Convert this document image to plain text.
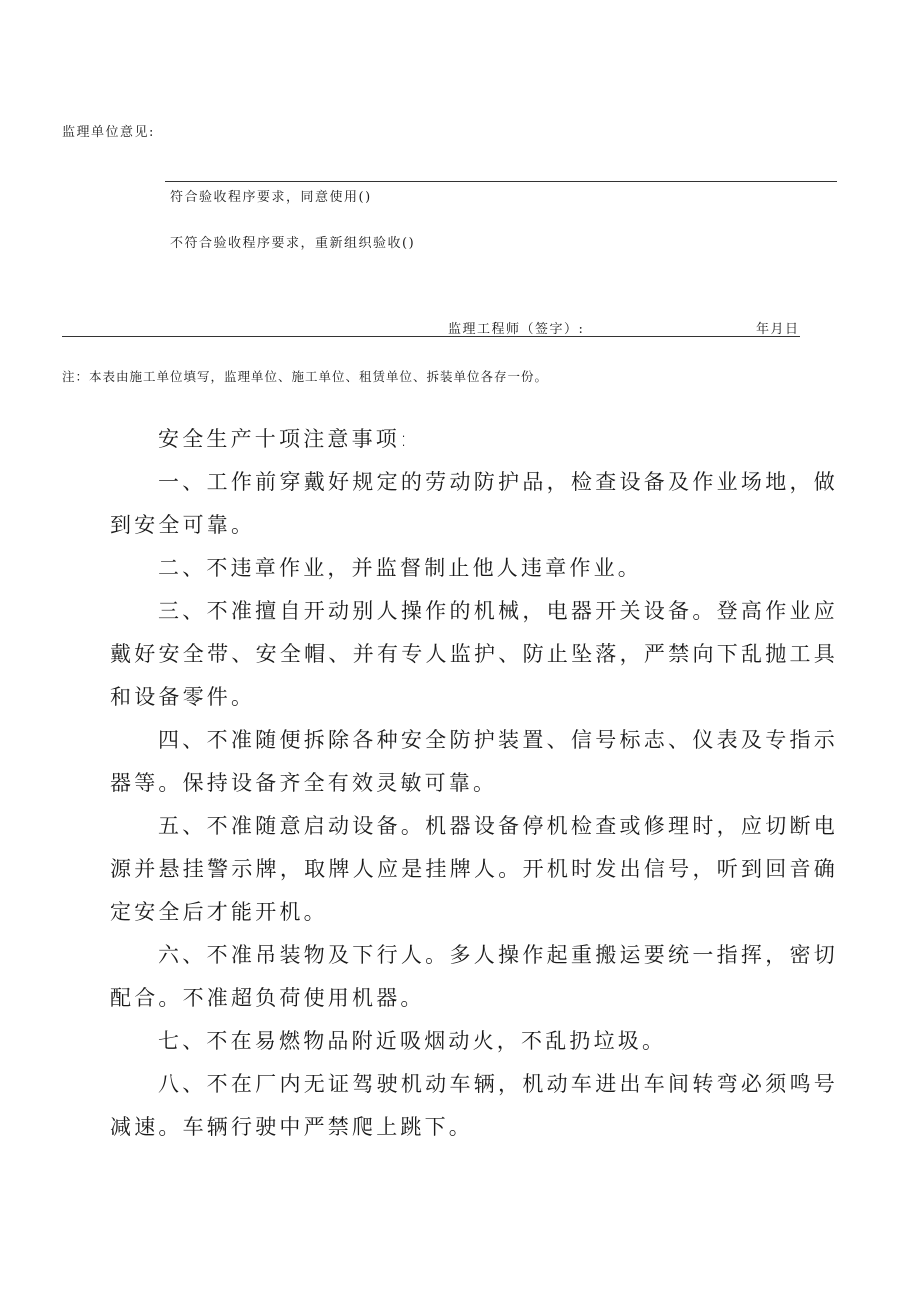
监理单位意见:
符合验收程序要求，同意使用()
不符合验收程序要求，重新组织验收()
监理工程师（签字）:	年月日
注：本表由施工单位填写，监理单位、施工单位、租赁单位、拆装单位各存一份。

安全生产十项注意事项:

一、工作前穿戴好规定的劳动防护品，检查设备及作业场地，做到安全可靠。

二、不违章作业，并监督制止他人违章作业。

三、不准擅自开动别人操作的机械，电器开关设备。登高作业应戴好安全带、安全帽、并有专人监护、防止坠落，严禁向下乱抛工具和设备零件。

四、不准随便拆除各种安全防护装置、信号标志、仪表及专指示器等。保持设备齐全有效灵敏可靠。

五、不准随意启动设备。机器设备停机检查或修理时，应切断电源并悬挂警示牌，取牌人应是挂牌人。开机时发出信号，听到回音确定安全后才能开机。

六、不准吊装物及下行人。多人操作起重搬运要统一指挥，密切配合。不准超负荷使用机器。

七、不在易燃物品附近吸烟动火，不乱扔垃圾。

八、不在厂内无证驾驶机动车辆，机动车进出车间转弯必须鸣号减速。车辆行驶中严禁爬上跳下。
